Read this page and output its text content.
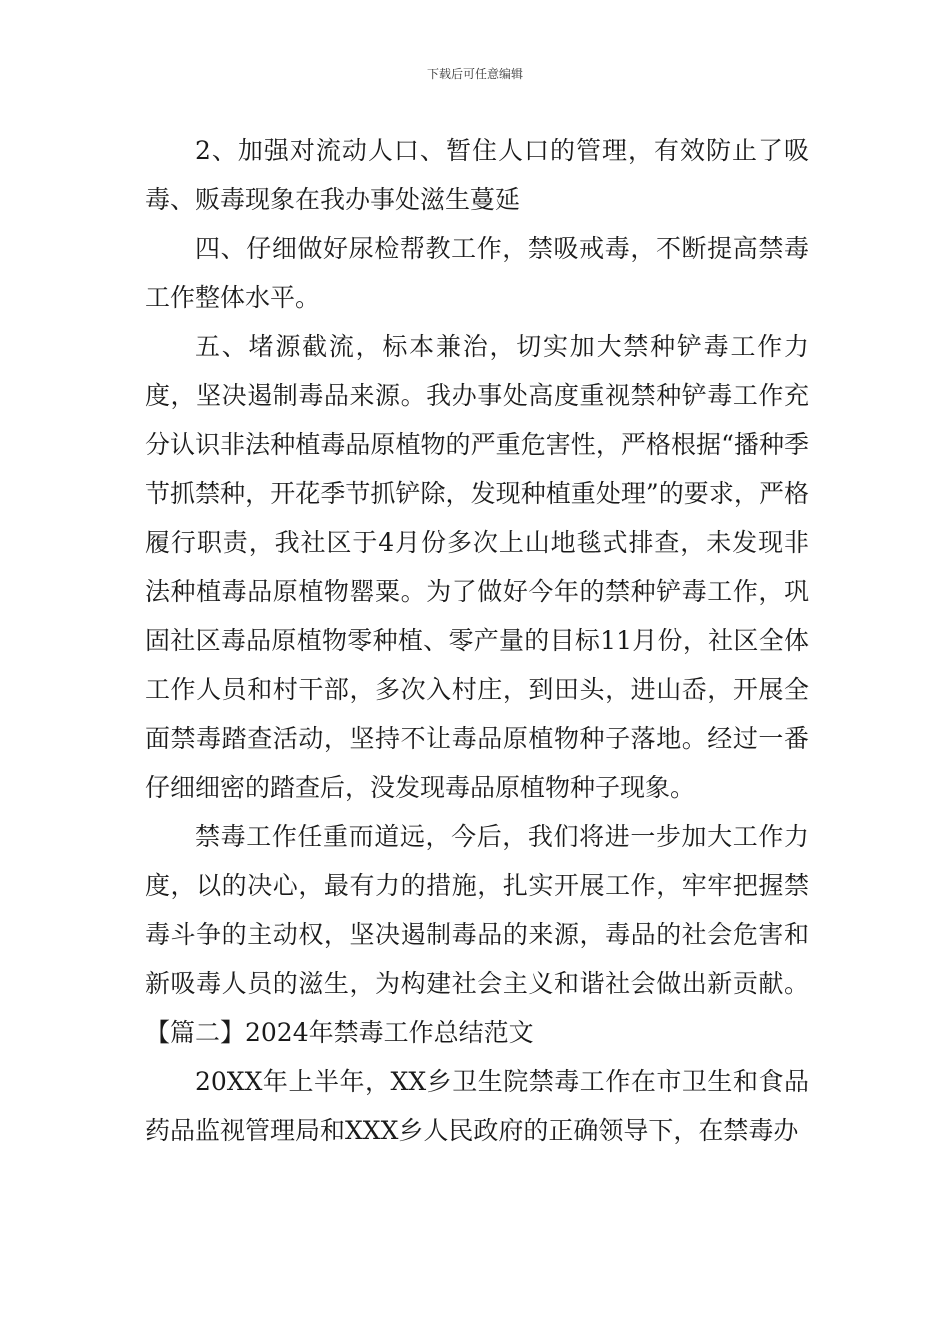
下载后可任意编辑

2、加强对流动人口、暂住人口的管理，有效防止了吸毒、贩毒现象在我办事处滋生蔓延

四、仔细做好尿检帮教工作，禁吸戒毒，不断提高禁毒工作整体水平。

五、堵源截流，标本兼治，切实加大禁种铲毒工作力度，坚决遏制毒品来源。我办事处高度重视禁种铲毒工作充分认识非法种植毒品原植物的严重危害性，严格根据“播种季节抓禁种，开花季节抓铲除，发现种植重处理”的要求，严格履行职责，我社区于4月份多次上山地毯式排查，未发现非法种植毒品原植物罂粟。为了做好今年的禁种铲毒工作，巩固社区毒品原植物零种植、零产量的目标11月份，社区全体工作人员和村干部，多次入村庄，到田头，进山岙，开展全面禁毒踏查活动，坚持不让毒品原植物种子落地。经过一番仔细细密的踏查后，没发现毒品原植物种子现象。

禁毒工作任重而道远，今后，我们将进一步加大工作力度，以的决心，最有力的措施，扎实开展工作，牢牢把握禁毒斗争的主动权，坚决遏制毒品的来源，毒品的社会危害和新吸毒人员的滋生，为构建社会主义和谐社会做出新贡献。【篇二】2024年禁毒工作总结范文

20XX年上半年，XX乡卫生院禁毒工作在市卫生和食品药品监视管理局和XXX乡人民政府的正确领导下，在禁毒办
